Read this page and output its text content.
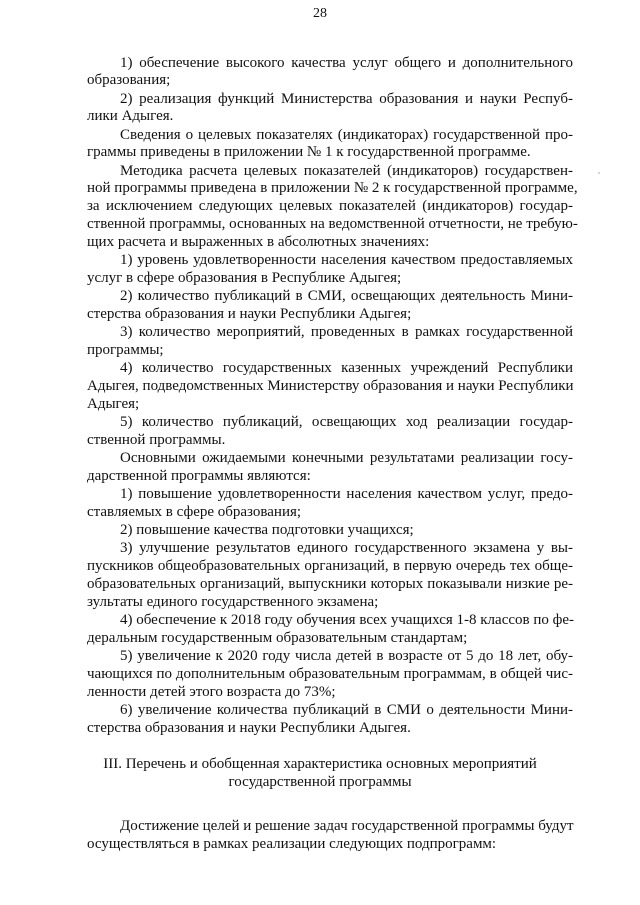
28
1) обеспечение высокого качества услуг общего и дополнительного
образования;
2) реализация функций Министерства образования и науки Респуб-
лики Адыгея.
Сведения о целевых показателях (индикаторах) государственной про-
граммы приведены в приложении № 1 к государственной программе.
Методика расчета целевых показателей (индикаторов) государствен-
ной программы приведена в приложении № 2 к государственной программе,
за исключением следующих целевых показателей (индикаторов) государ-
ственной программы, основанных на ведомственной отчетности, не требую-
щих расчета и выраженных в абсолютных значениях:
1) уровень удовлетворенности населения качеством предоставляемых
услуг в сфере образования в Республике Адыгея;
2) количество публикаций в СМИ, освещающих деятельность Мини-
стерства образования и науки Республики Адыгея;
3) количество мероприятий, проведенных в рамках государственной
программы;
4) количество государственных казенных учреждений Республики
Адыгея, подведомственных Министерству образования и науки Республики
Адыгея;
5) количество публикаций, освещающих ход реализации государ-
ственной программы.
Основными ожидаемыми конечными результатами реализации госу-
дарственной программы являются:
1) повышение удовлетворенности населения качеством услуг, предо-
ставляемых в сфере образования;
2) повышение качества подготовки учащихся;
3) улучшение результатов единого государственного экзамена у вы-
пускников общеобразовательных организаций, в первую очередь тех обще-
образовательных организаций, выпускники которых показывали низкие ре-
зультаты единого государственного экзамена;
4) обеспечение к 2018 году обучения всех учащихся 1-8 классов по фе-
деральным государственным образовательным стандартам;
5) увеличение к 2020 году числа детей в возрасте от 5 до 18 лет, обу-
чающихся по дополнительным образовательным программам, в общей чис-
ленности детей этого возраста до 73%;
6) увеличение количества публикаций в СМИ о деятельности Мини-
стерства образования и науки Республики Адыгея.
III. Перечень и обобщенная характеристика основных мероприятий
государственной программы
Достижение целей и решение задач государственной программы будут
осуществляться в рамках реализации следующих подпрограмм:
